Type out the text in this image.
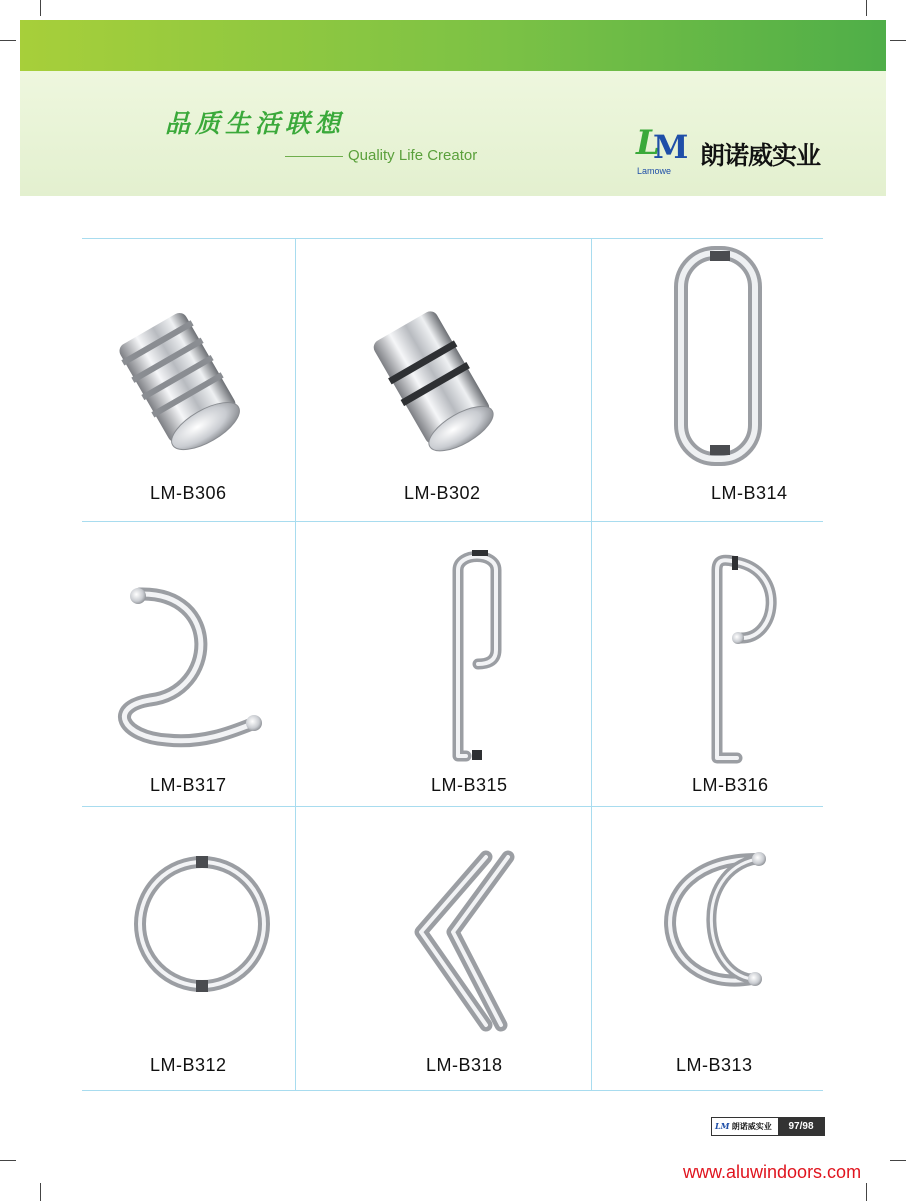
品质生活联想
Quality Life Creator	L
M
Lamowe
朗诺威实业
LM-B306	LM-B302	LM-B314
LM-B317	LM-B315	LM-B316
LM-B312	LM-B318	LM-B313
LM 朗诺威实业	97/98
www.aluwindoors.com
